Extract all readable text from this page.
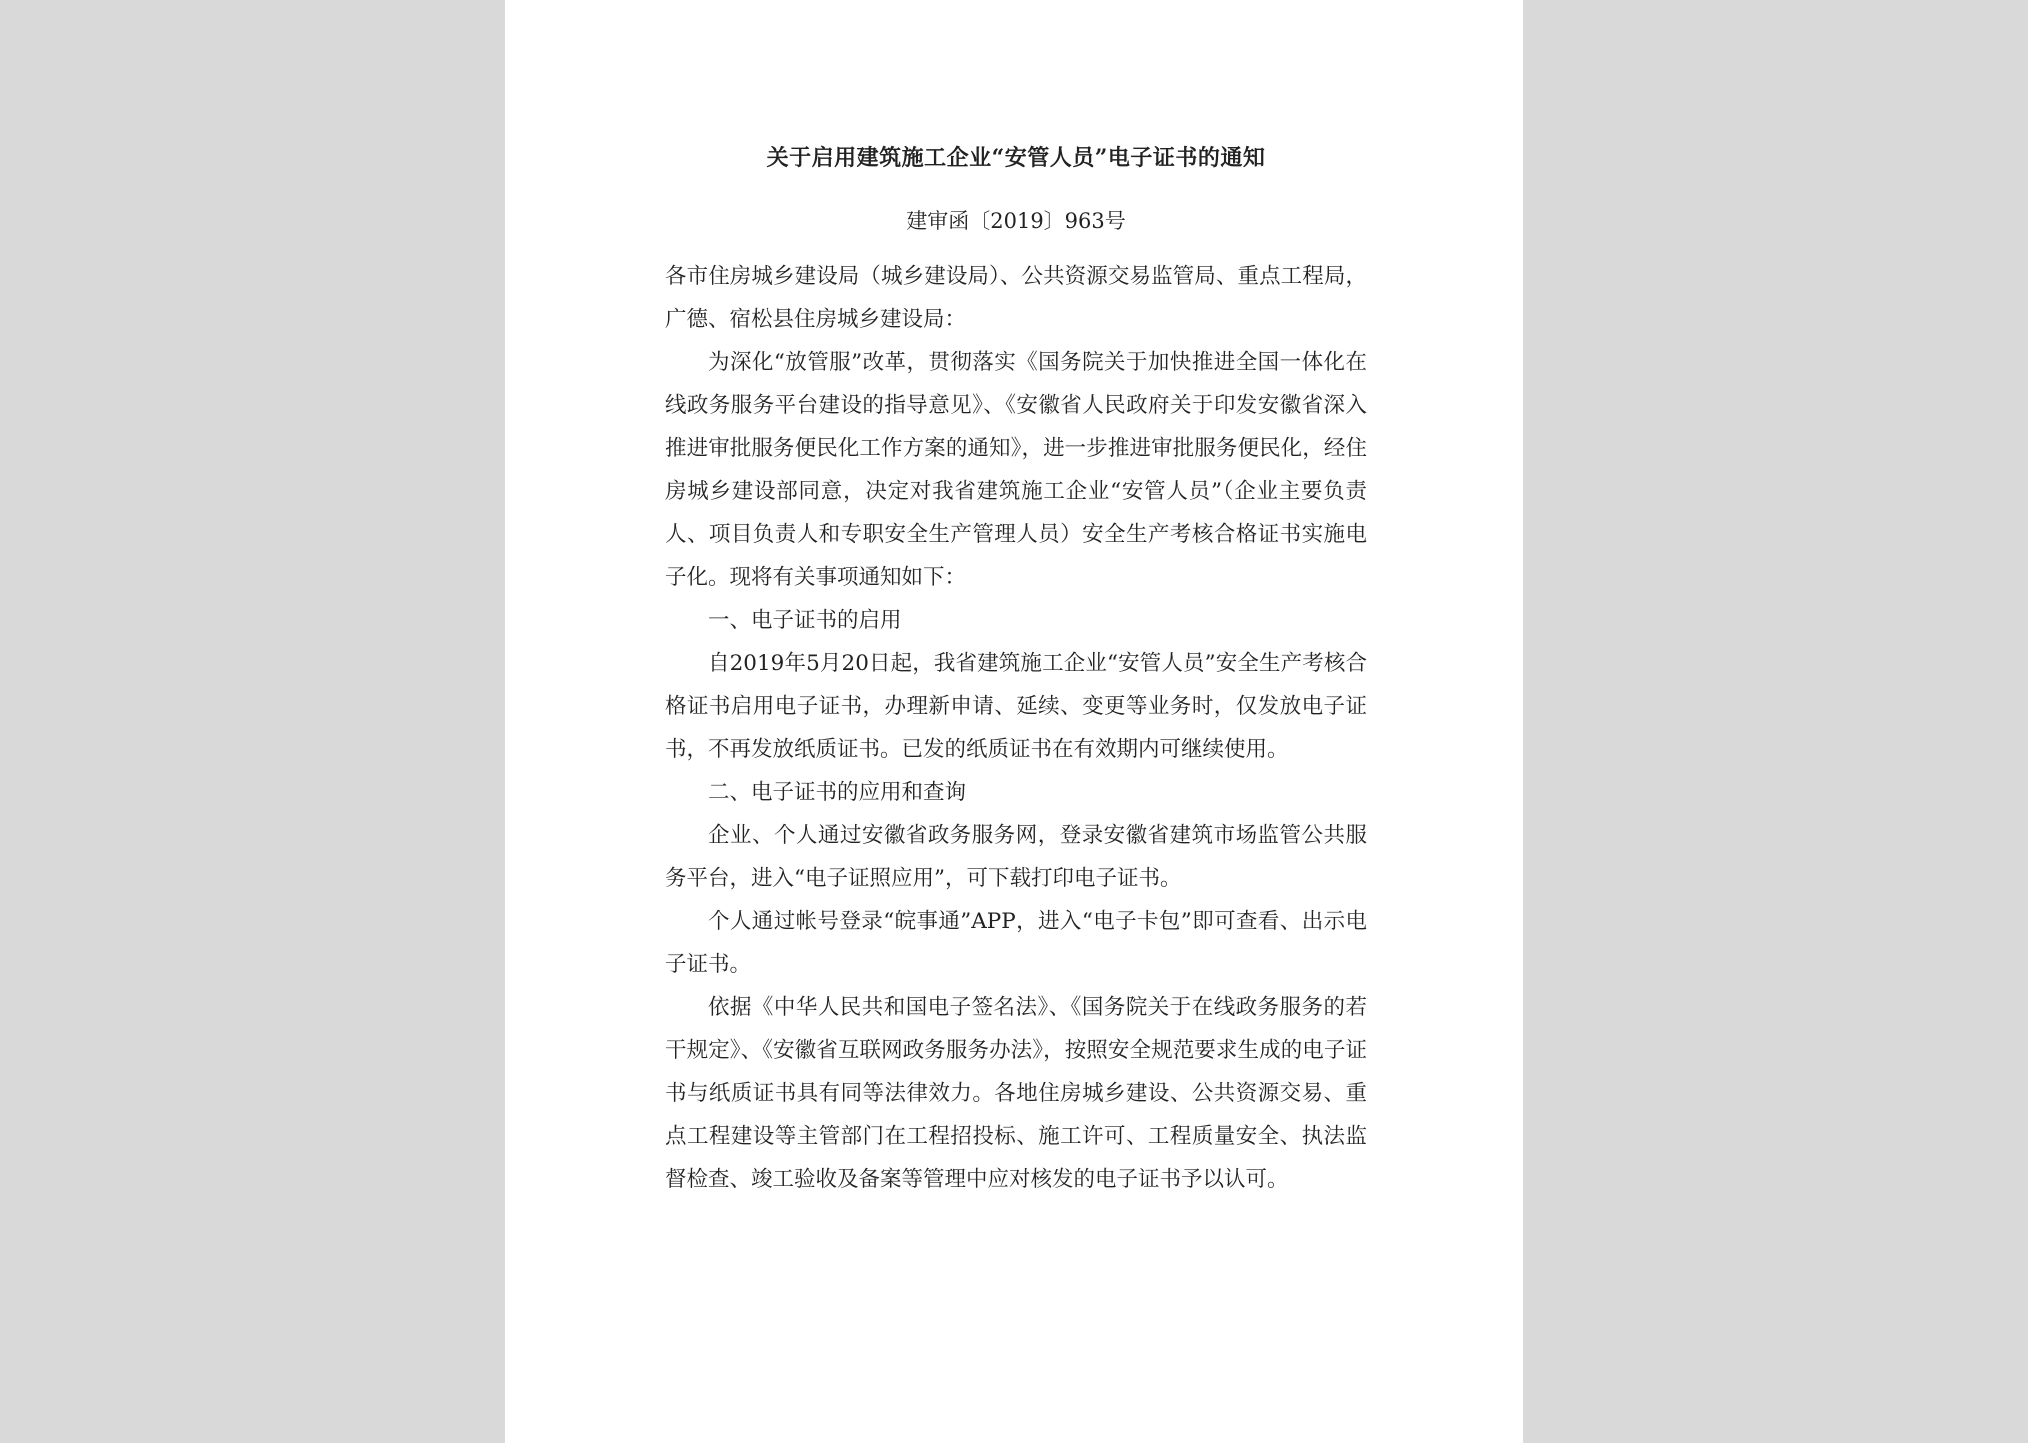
关于启用建筑施工企业“安管人员”电子证书的通知
建审函〔2019〕963号

各市住房城乡建设局（城乡建设局）、公共资源交易监管局、重点工程局，广德、宿松县住房城乡建设局：

为深化“放管服”改革，贯彻落实《国务院关于加快推进全国一体化在线政务服务平台建设的指导意见》、《安徽省人民政府关于印发安徽省深入推进审批服务便民化工作方案的通知》，进一步推进审批服务便民化，经住房城乡建设部同意，决定对我省建筑施工企业“安管人员”（企业主要负责人、项目负责人和专职安全生产管理人员）安全生产考核合格证书实施电子化。现将有关事项通知如下：

一、电子证书的启用

自2019年5月20日起，我省建筑施工企业“安管人员”安全生产考核合格证书启用电子证书，办理新申请、延续、变更等业务时，仅发放电子证书，不再发放纸质证书。已发的纸质证书在有效期内可继续使用。

二、电子证书的应用和查询

企业、个人通过安徽省政务服务网，登录安徽省建筑市场监管公共服务平台，进入“电子证照应用”，可下载打印电子证书。

个人通过帐号登录“皖事通”APP，进入“电子卡包”即可查看、出示电子证书。

依据《中华人民共和国电子签名法》、《国务院关于在线政务服务的若干规定》、《安徽省互联网政务服务办法》，按照安全规范要求生成的电子证书与纸质证书具有同等法律效力。各地住房城乡建设、公共资源交易、重点工程建设等主管部门在工程招投标、施工许可、工程质量安全、执法监督检查、竣工验收及备案等管理中应对核发的电子证书予以认可。
